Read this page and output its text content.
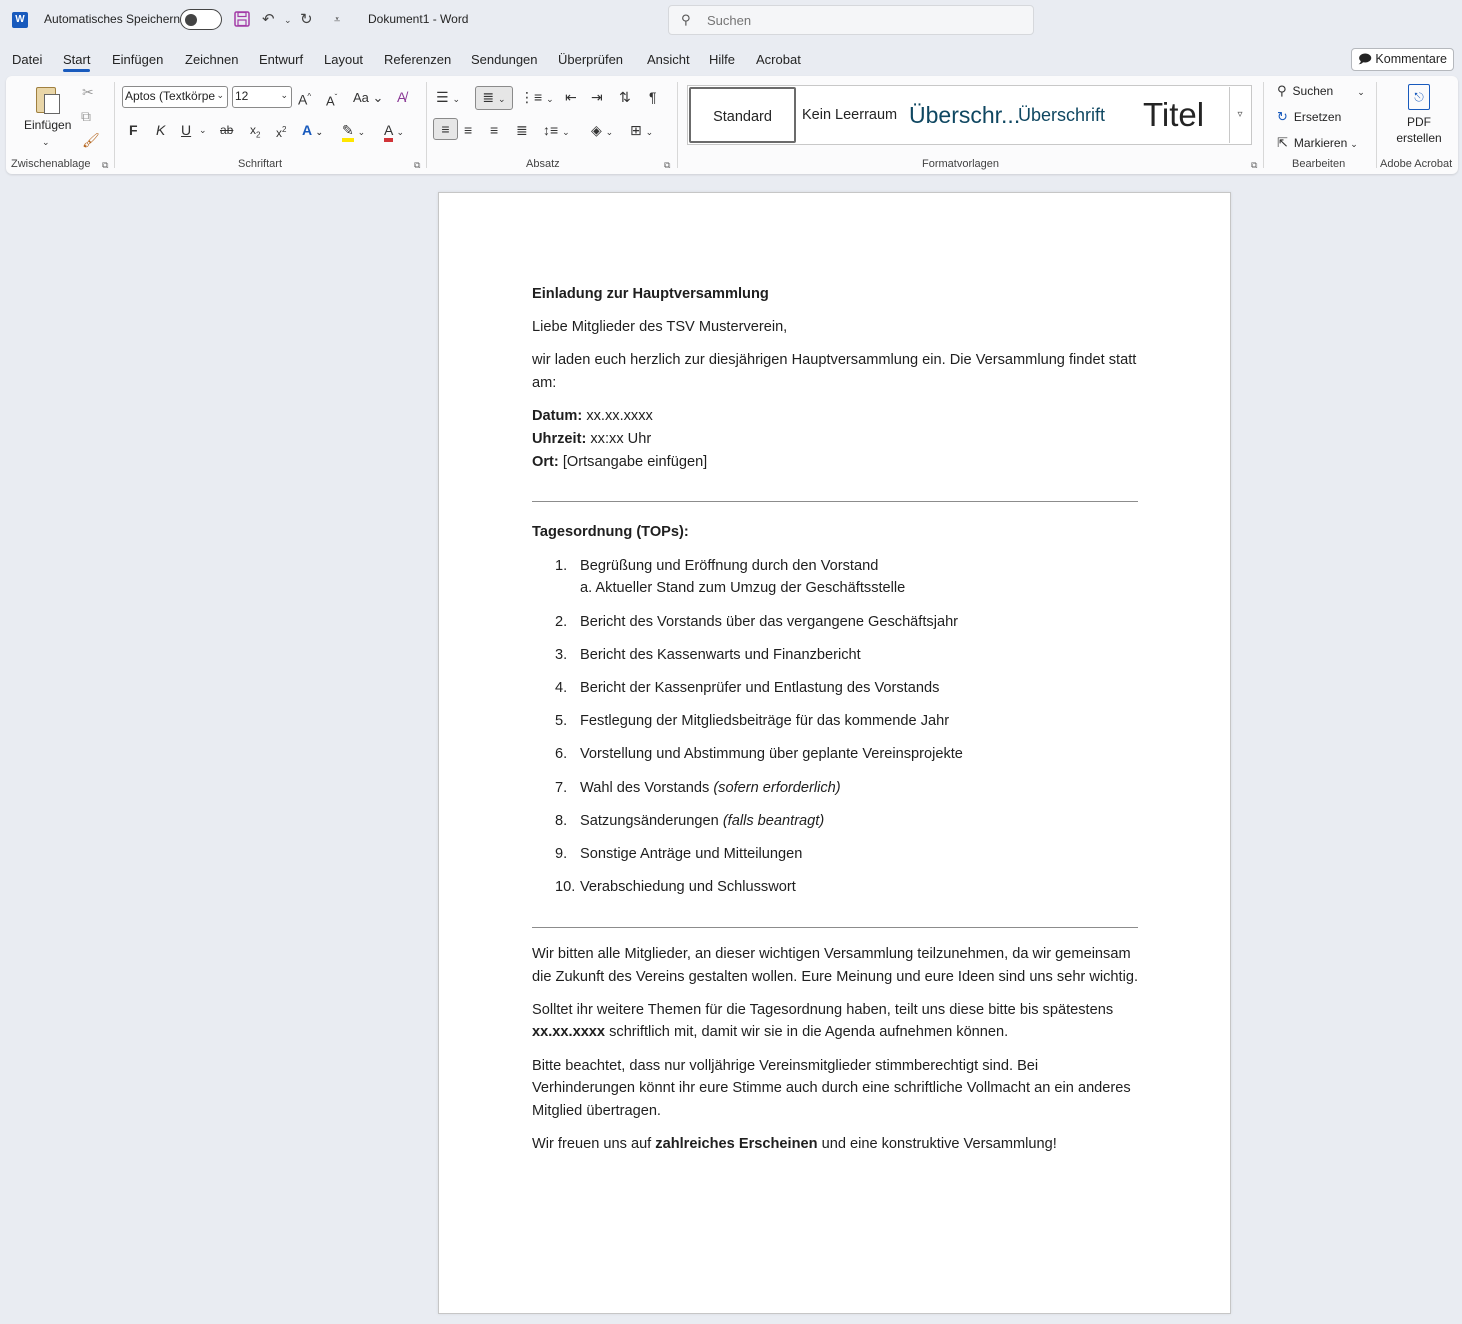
W Automatisches Speichern	↶ ⌄ ↻ ⩡ Dokument1 - Word	⚲
Suchen
Datei Start Einfügen Zeichnen Entwurf Layout Referenzen Sendungen Überprüfen Ansicht Hilfe Acrobat	🗩 Kommentare
Einfügen
⌄
✂
⧉
🖌
Zwischenablage ⧉
Aptos (Textkörpe
⌄
12	⌄ A^ $A^ˇ$ Aa ⌄ A̸
F K U ⌄ ab $x_2$ $x^2$ A ⌄ ✎ ⌄ A ⌄
Schriftart	⧉
☰ ⌄	≣ ⌄	⋮≡ ⌄ ⇤ ⇥ ⇅ ¶
≡	≡ ≡ ≣ ↕≡ ⌄ ◈ ⌄ ⊞ ⌄
Absatz	⧉
Standard	Kein Leerraum Überschr...
Überschrift	Titel	▿
Formatvorlagen	⧉
⚲ Suchen	⌄
↻ Ersetzen
⇱ Markieren ⌄
Bearbeiten
⎋
PDF
erstellen
Adobe Acrobat

Einladung zur Hauptversammlung

Liebe Mitglieder des TSV Musterverein,

wir laden euch herzlich zur diesjährigen Hauptversammlung ein. Die Versammlung findet statt am:

Datum: xx.xx.xxxx
Uhrzeit: xx:xx Uhr
Ort: [Ortsangabe einfügen]

Tagesordnung (TOPs):

1. Begrüßung und Eröffnung durch den Vorstand
a. Aktueller Stand zum Umzug der Geschäftsstelle
2. Bericht des Vorstands über das vergangene Geschäftsjahr
3. Bericht des Kassenwarts und Finanzbericht
4. Bericht der Kassenprüfer und Entlastung des Vorstands
5. Festlegung der Mitgliedsbeiträge für das kommende Jahr
6. Vorstellung und Abstimmung über geplante Vereinsprojekte
7. Wahl des Vorstands (sofern erforderlich)
8. Satzungsänderungen (falls beantragt)
9. Sonstige Anträge und Mitteilungen
10. Verabschiedung und Schlusswort

Wir bitten alle Mitglieder, an dieser wichtigen Versammlung teilzunehmen, da wir gemeinsam die Zukunft des Vereins gestalten wollen. Eure Meinung und eure Ideen sind uns sehr wichtig.

Solltet ihr weitere Themen für die Tagesordnung haben, teilt uns diese bitte bis spätestens xx.xx.xxxx schriftlich mit, damit wir sie in die Agenda aufnehmen können.

Bitte beachtet, dass nur volljährige Vereinsmitglieder stimmberechtigt sind. Bei Verhinderungen könnt ihr eure Stimme auch durch eine schriftliche Vollmacht an ein anderes Mitglied übertragen.

Wir freuen uns auf zahlreiches Erscheinen und eine konstruktive Versammlung!
